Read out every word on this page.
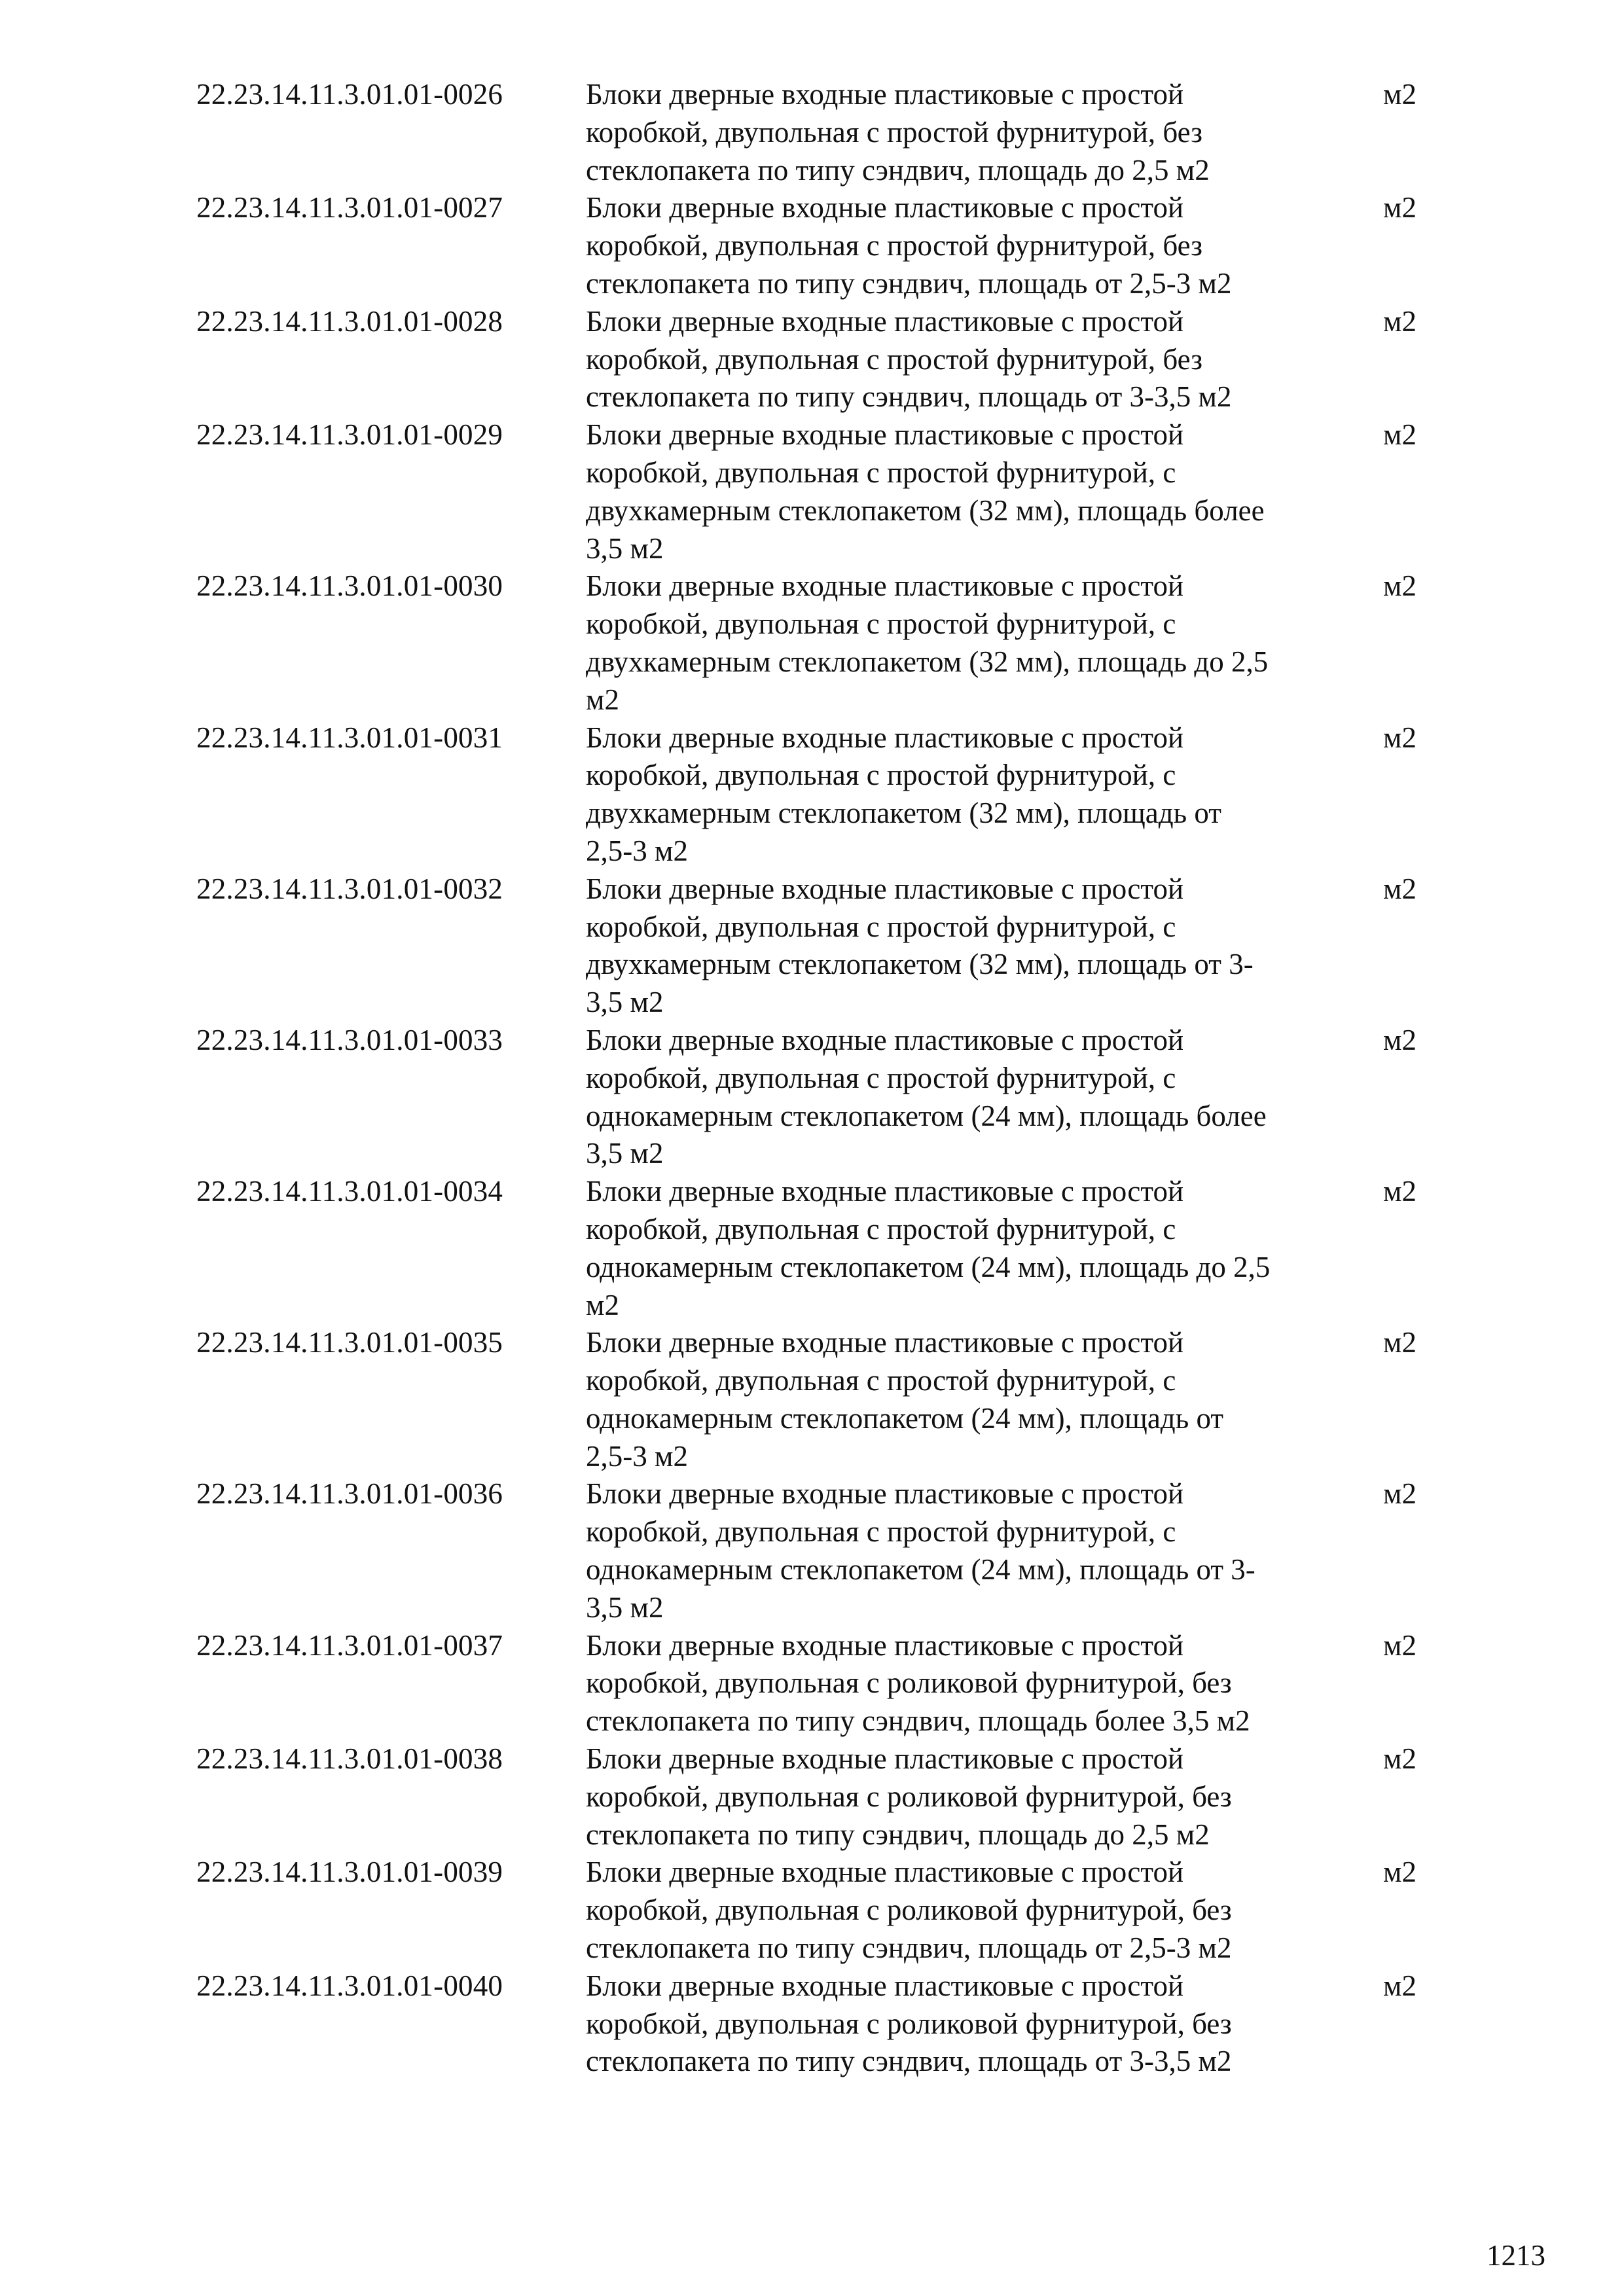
22.23.14.11.3.01.01-0026	Блоки дверные входные пластиковые с простой
коробкой, двупольная с простой фурнитурой, без
стеклопакета по типу сэндвич, площадь до 2,5 м2
м2
22.23.14.11.3.01.01-0027	Блоки дверные входные пластиковые с простой
коробкой, двупольная с простой фурнитурой, без
стеклопакета по типу сэндвич, площадь от 2,5-3 м2
м2
22.23.14.11.3.01.01-0028	Блоки дверные входные пластиковые с простой
коробкой, двупольная с простой фурнитурой, без
стеклопакета по типу сэндвич, площадь от 3-3,5 м2
м2
22.23.14.11.3.01.01-0029	Блоки дверные входные пластиковые с простой
коробкой, двупольная с простой фурнитурой, с
двухкамерным стеклопакетом (32 мм), площадь более
3,5 м2
м2
22.23.14.11.3.01.01-0030	Блоки дверные входные пластиковые с простой
коробкой, двупольная с простой фурнитурой, с
двухкамерным стеклопакетом (32 мм), площадь до 2,5
м2
м2
22.23.14.11.3.01.01-0031	Блоки дверные входные пластиковые с простой
коробкой, двупольная с простой фурнитурой, с
двухкамерным стеклопакетом (32 мм), площадь от
2,5-3 м2
м2
22.23.14.11.3.01.01-0032	Блоки дверные входные пластиковые с простой
коробкой, двупольная с простой фурнитурой, с
двухкамерным стеклопакетом (32 мм), площадь от 3-
3,5 м2
м2
22.23.14.11.3.01.01-0033	Блоки дверные входные пластиковые с простой
коробкой, двупольная с простой фурнитурой, с
однокамерным стеклопакетом (24 мм), площадь более
3,5 м2
м2
22.23.14.11.3.01.01-0034	Блоки дверные входные пластиковые с простой
коробкой, двупольная с простой фурнитурой, с
однокамерным стеклопакетом (24 мм), площадь до 2,5
м2
м2
22.23.14.11.3.01.01-0035	Блоки дверные входные пластиковые с простой
коробкой, двупольная с простой фурнитурой, с
однокамерным стеклопакетом (24 мм), площадь от
2,5-3 м2
м2
22.23.14.11.3.01.01-0036	Блоки дверные входные пластиковые с простой
коробкой, двупольная с простой фурнитурой, с
однокамерным стеклопакетом (24 мм), площадь от 3-
3,5 м2
м2
22.23.14.11.3.01.01-0037	Блоки дверные входные пластиковые с простой
коробкой, двупольная с роликовой фурнитурой, без
стеклопакета по типу сэндвич, площадь более 3,5 м2
м2
22.23.14.11.3.01.01-0038	Блоки дверные входные пластиковые с простой
коробкой, двупольная с роликовой фурнитурой, без
стеклопакета по типу сэндвич, площадь до 2,5 м2
м2
22.23.14.11.3.01.01-0039	Блоки дверные входные пластиковые с простой
коробкой, двупольная с роликовой фурнитурой, без
стеклопакета по типу сэндвич, площадь от 2,5-3 м2
м2
22.23.14.11.3.01.01-0040	Блоки дверные входные пластиковые с простой
коробкой, двупольная с роликовой фурнитурой, без
стеклопакета по типу сэндвич, площадь от 3-3,5 м2
м2
1213
